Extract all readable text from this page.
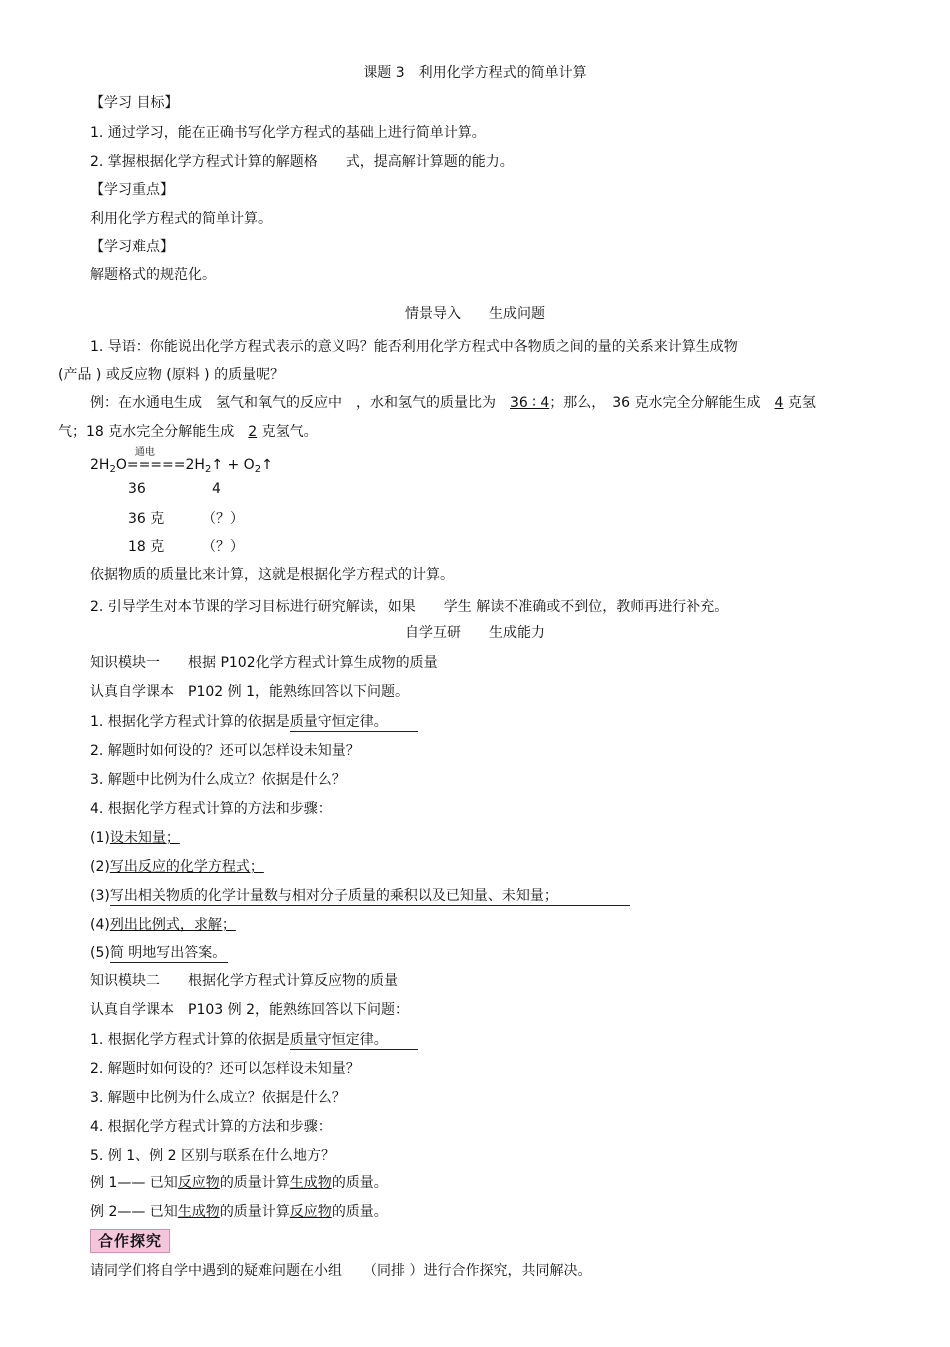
课题 3　利用化学方程式的简单计算
【学习 目标】
1. 通过学习，能在正确书写化学方程式的基础上进行简单计算。
2. 掌握根据化学方程式计算的解题格　　式，提高解计算题的能力。
【学习重点】
利用化学方程式的简单计算。
【学习难点】
解题格式的规范化。
情景导入　　生成问题
1. 导语：你能说出化学方程式表示的意义吗？能否利用化学方程式中各物质之间的量的关系来计算生成物
(产品 ) 或反应物 (原料 ) 的质量呢？
例：在水通电生成　氢气和氧气的反应中　，水和氢气的质量比为　36 ∶ 4；那么，　36 克水完全分解能生成　4 克氢
气；18 克水完全分解能生成　2 克氢气。
$2H_2O$
通电
$=====2H_2↑$ + $O_2↑$
36	4
36 克	（？）
18 克	（？）
依据物质的质量比来计算，这就是根据化学方程式的计算。
2. 引导学生对本节课的学习目标进行研究解读，如果　　学生 解读不准确或不到位，教师再进行补充。
自学互研　　生成能力
知识模块一　　根据 P102化学方程式计算生成物的质量
认真自学课本　P102 例 1，能熟练回答以下问题。
1. 根据化学方程式计算的依据是质量守恒定律。
2. 解题时如何设的？还可以怎样设未知量？
3. 解题中比例为什么成立？依据是什么？
4. 根据化学方程式计算的方法和步骤：
(1)设未知量；
(2)写出反应的化学方程式；
(3)写出相关物质的化学计量数与相对分子质量的乘积以及已知量、未知量；
(4)列出比例式，求解；
(5)简 明地写出答案。
知识模块二　　根据化学方程式计算反应物的质量
认真自学课本　P103 例 2，能熟练回答以下问题：
1. 根据化学方程式计算的依据是质量守恒定律。
2. 解题时如何设的？还可以怎样设未知量？
3. 解题中比例为什么成立？依据是什么？
4. 根据化学方程式计算的方法和步骤：
5. 例 1、例 2 区别与联系在什么地方？
例 1—— 已知反应物的质量计算生成物的质量。
例 2—— 已知生成物的质量计算反应物的质量。
合作探究
请同学们将自学中遇到的疑难问题在小组　　（同排 ）进行合作探究，共同解决。
